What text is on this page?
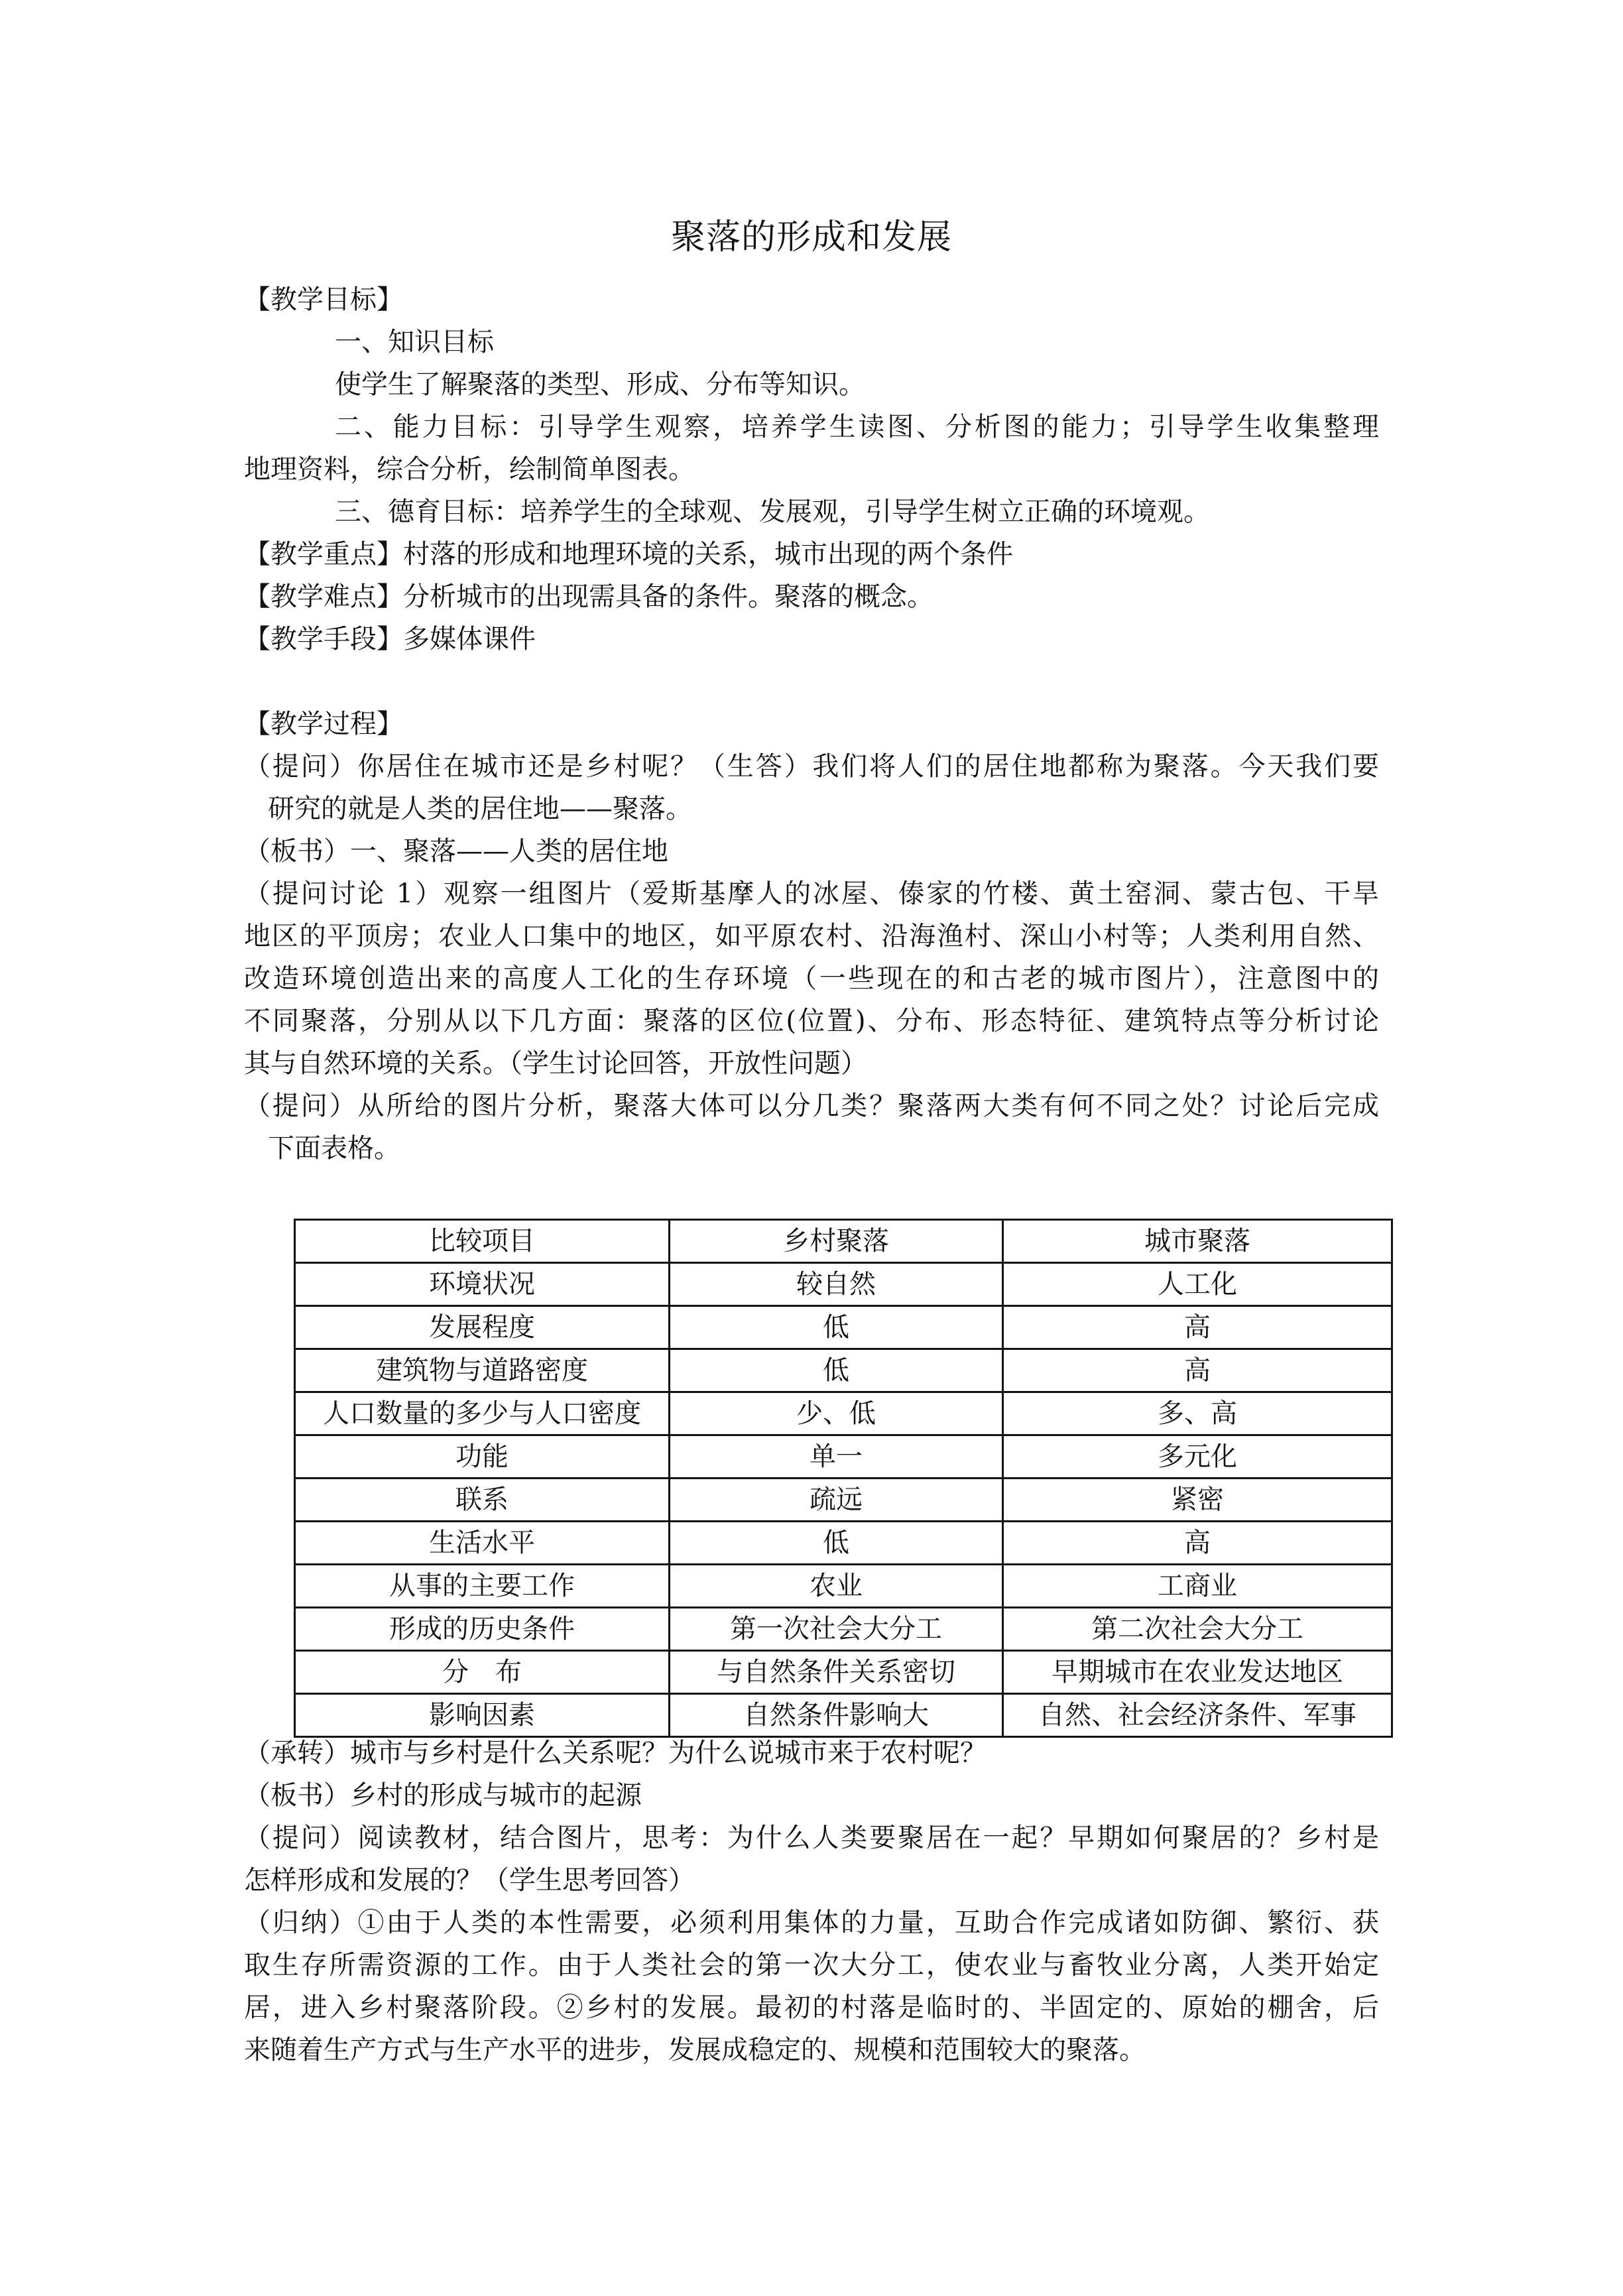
聚落的形成和发展
【教学目标】
一、知识目标
使学生了解聚落的类型、形成、分布等知识。
二、能力目标：引导学生观察，培养学生读图、分析图的能力；引导学生收集整理
地理资料，综合分析，绘制简单图表。
三、德育目标：培养学生的全球观、发展观，引导学生树立正确的环境观。
【教学重点】村落的形成和地理环境的关系，城市出现的两个条件
【教学难点】分析城市的出现需具备的条件。聚落的概念。
【教学手段】多媒体课件
【教学过程】
（提问）你居住在城市还是乡村呢？（生答）我们将人们的居住地都称为聚落。今天我们要
研究的就是人类的居住地——聚落。
（板书）一、聚落——人类的居住地
（提问讨论 1）观察一组图片（爱斯基摩人的冰屋、傣家的竹楼、黄土窑洞、蒙古包、干旱
地区的平顶房；农业人口集中的地区，如平原农村、沿海渔村、深山小村等；人类利用自然、
改造环境创造出来的高度人工化的生存环境（一些现在的和古老的城市图片），注意图中的
不同聚落，分别从以下几方面：聚落的区位(位置)、分布、形态特征、建筑特点等分析讨论
其与自然环境的关系。（学生讨论回答，开放性问题）
（提问）从所给的图片分析，聚落大体可以分几类？聚落两大类有何不同之处？讨论后完成
下面表格。
比较项目	乡村聚落	城市聚落
环境状况	较自然	人工化
发展程度	低	高
建筑物与道路密度	低	高
人口数量的多少与人口密度	少、低	多、高
功能	单一	多元化
联系	疏远	紧密
生活水平	低	高
从事的主要工作	农业	工商业
形成的历史条件	第一次社会大分工	第二次社会大分工
分　布	与自然条件关系密切	早期城市在农业发达地区
影响因素	自然条件影响大	自然、社会经济条件、军事
（承转）城市与乡村是什么关系呢？为什么说城市来于农村呢？
（板书）乡村的形成与城市的起源
（提问）阅读教材，结合图片，思考：为什么人类要聚居在一起？早期如何聚居的？乡村是
怎样形成和发展的？（学生思考回答）
（归纳）①由于人类的本性需要，必须利用集体的力量，互助合作完成诸如防御、繁衍、获
取生存所需资源的工作。由于人类社会的第一次大分工，使农业与畜牧业分离，人类开始定
居，进入乡村聚落阶段。②乡村的发展。最初的村落是临时的、半固定的、原始的棚舍，后
来随着生产方式与生产水平的进步，发展成稳定的、规模和范围较大的聚落。
